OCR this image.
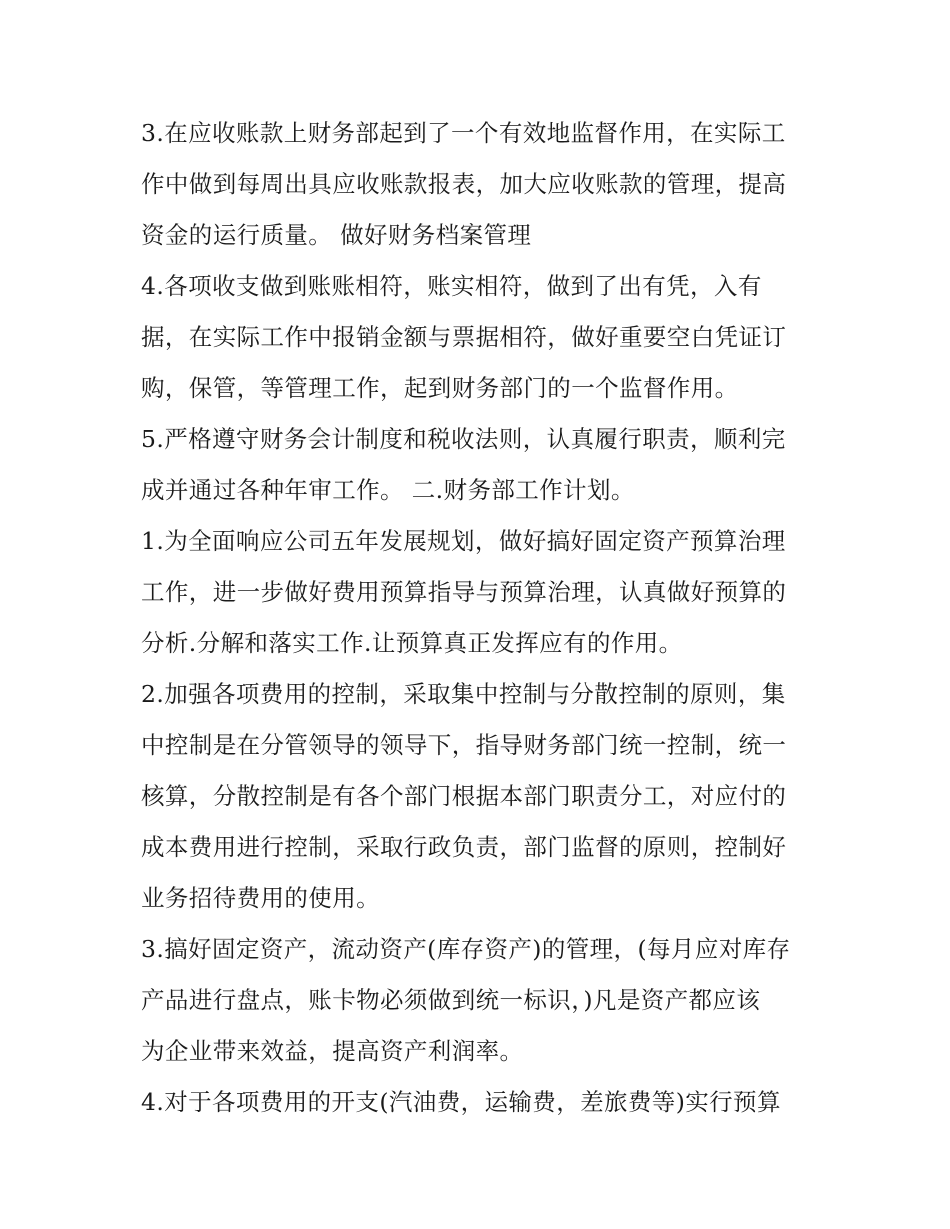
3.在应收账款上财务部起到了一个有效地监督作用，在实际工
作中做到每周出具应收账款报表，加大应收账款的管理，提高
资金的运行质量。 做好财务档案管理
4.各项收支做到账账相符，账实相符，做到了出有凭，入有
据，在实际工作中报销金额与票据相符，做好重要空白凭证订
购，保管，等管理工作，起到财务部门的一个监督作用。
5.严格遵守财务会计制度和税收法则，认真履行职责，顺利完
成并通过各种年审工作。 二.财务部工作计划。
1.为全面响应公司五年发展规划，做好搞好固定资产预算治理
工作，进一步做好费用预算指导与预算治理，认真做好预算的
分析.分解和落实工作.让预算真正发挥应有的作用。
2.加强各项费用的控制，采取集中控制与分散控制的原则，集
中控制是在分管领导的领导下，指导财务部门统一控制，统一
核算，分散控制是有各个部门根据本部门职责分工，对应付的
成本费用进行控制，采取行政负责，部门监督的原则，控制好
业务招待费用的使用。
3.搞好固定资产，流动资产(库存资产)的管理，(每月应对库存
产品进行盘点，账卡物必须做到统一标识，)凡是资产都应该
为企业带来效益，提高资产利润率。
4.对于各项费用的开支(汽油费，运输费，差旅费等)实行预算
